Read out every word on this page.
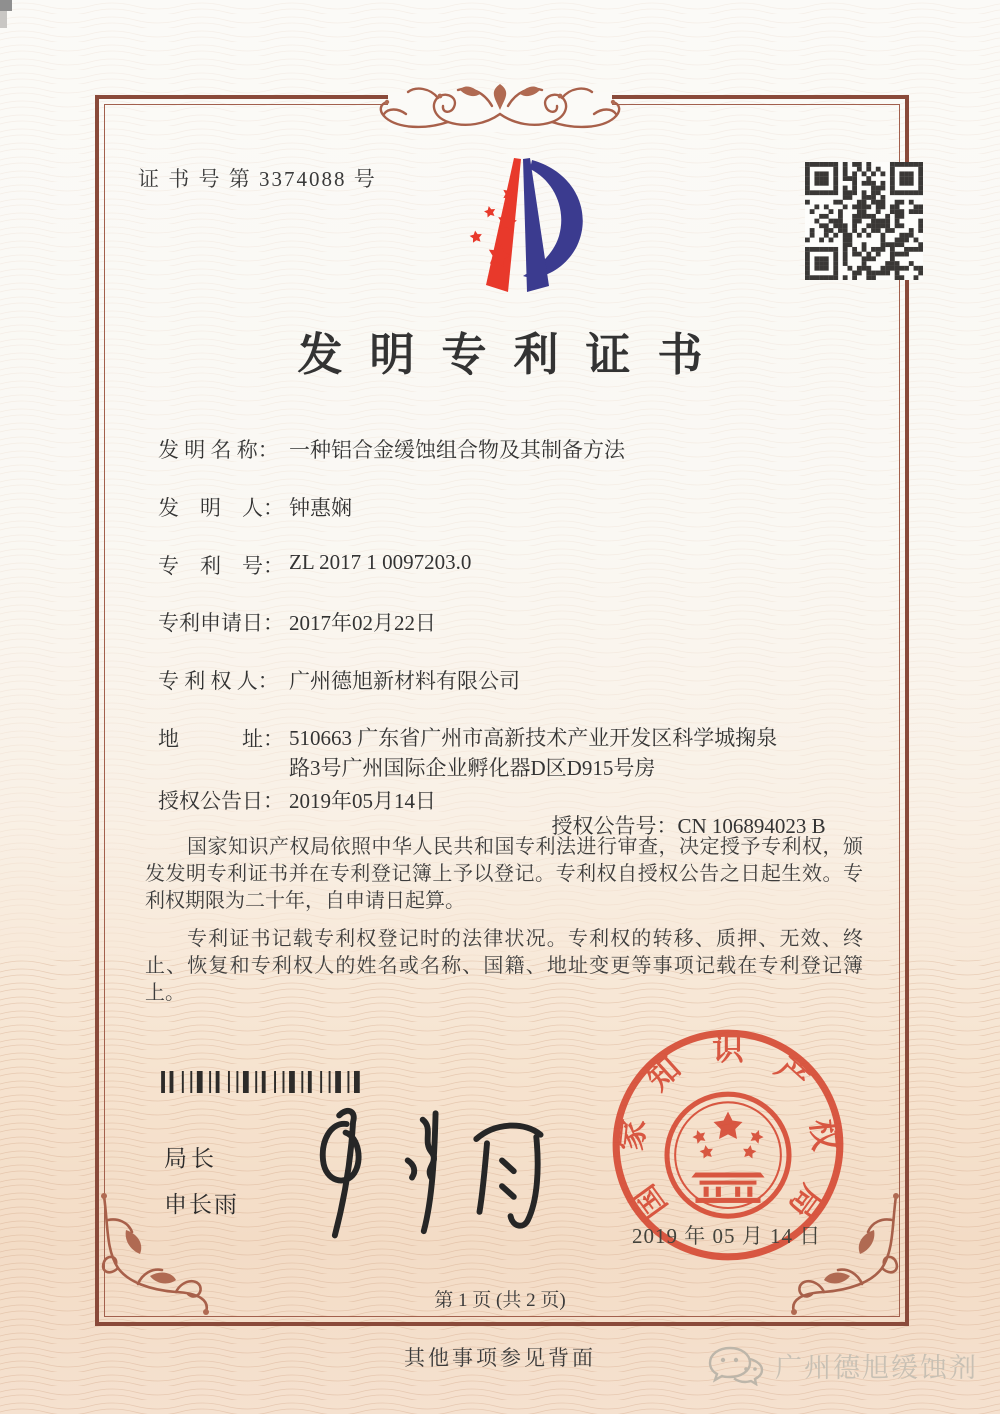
证 书 号 第 3374088 号
发明专利证书
发 明 名 称： 一种铝合金缓蚀组合物及其制备方法
发　明　人： 钟惠娴
专　利　号： ZL 2017 1 0097203.0
专利申请日： 2017年02月22日
专 利 权 人： 广州德旭新材料有限公司
地　　　址： 510663 广东省广州市高新技术产业开发区科学城掬泉路3号广州国际企业孵化器D区D915号房
授权公告日： 2019年05月14日

授权公告号：CN 106894023 B

国家知识产权局依照中华人民共和国专利法进行审查，决定授予专利权，颁发发明专利证书并在专利登记簿上予以登记。专利权自授权公告之日起生效。专利权期限为二十年，自申请日起算。

专利证书记载专利权登记时的法律状况。专利权的转移、质押、无效、终止、恢复和专利权人的姓名或名称、国籍、地址变更等事项记载在专利登记簿上。

局长
申长雨	国
家
知
识
产
权
局
2019 年 05 月 14 日
第 1 页 (共 2 页)
其他事项参见背面	广州德旭缓蚀剂
